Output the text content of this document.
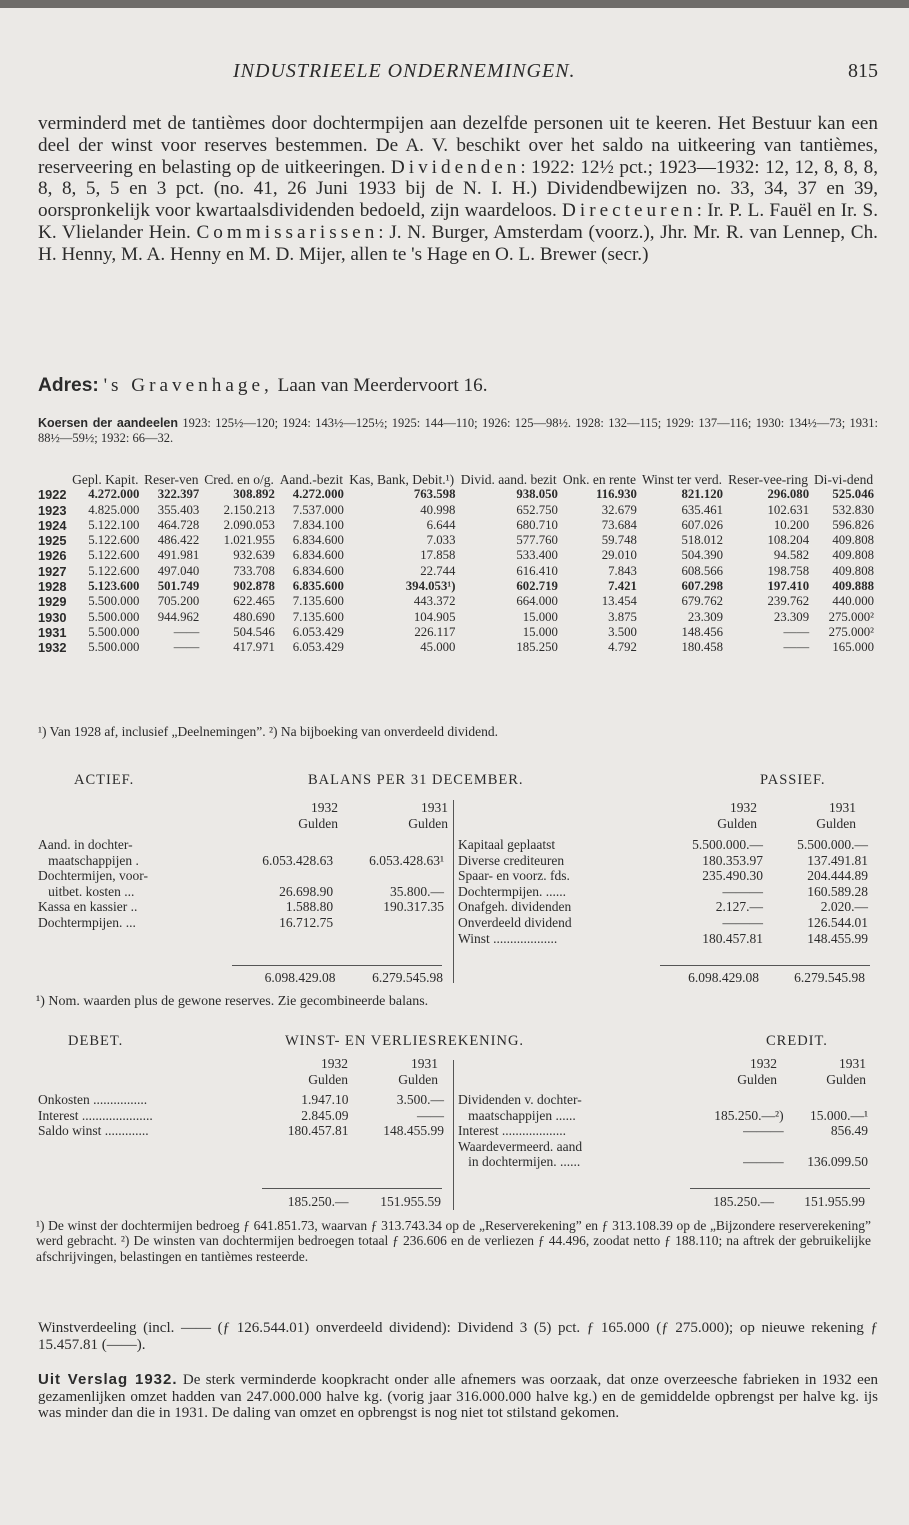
INDUSTRIEELE ONDERNEMINGEN.	815
verminderd met de tantièmes door dochtermpijen aan dezelfde personen uit te keeren. Het Bestuur kan een deel der winst voor reserves bestemmen. De A. V. beschikt over het saldo na uitkeering van tantièmes, reserveering en belasting op de uitkeeringen. Dividenden: 1922: 12½ pct.; 1923—1932: 12, 12, 8, 8, 8, 8, 8, 5, 5 en 3 pct. (no. 41, 26 Juni 1933 bij de N. I. H.) Dividendbewijzen no. 33, 34, 37 en 39, oorspronkelijk voor kwartaalsdividenden bedoeld, zijn waardeloos. Directeuren: Ir. P. L. Fauël en Ir. S. K. Vlielander Hein. Commissarissen: J. N. Burger, Amsterdam (voorz.), Jhr. Mr. R. van Lennep, Ch. H. Henny, M. A. Henny en M. D. Mijer, allen te 's Hage en O. L. Brewer (secr.)
Adres: 's Gravenhage, Laan van Meerdervoort 16.
Koersen der aandeelen 1923: 125½—120; 1924: 143½—125½; 1925: 144—110; 1926: 125—98½. 1928: 132—115; 1929: 137—116; 1930: 134½—73; 1931: 88½—59½; 1932: 66—32.
	Gepl. Kapit.	Reser-ven	Cred. en o/g.	Aand.-bezit	Kas, Bank, Debit.¹)	Divid. aand. bezit	Onk. en rente	Winst ter verd.	Reser-vee-ring	Di-vi-dend
1922	4.272.000	322.397	308.892	4.272.000	763.598	938.050	116.930	821.120	296.080	525.046
1923	4.825.000	355.403	2.150.213	7.537.000	40.998	652.750	32.679	635.461	102.631	532.830
1924	5.122.100	464.728	2.090.053	7.834.100	6.644	680.710	73.684	607.026	10.200	596.826
1925	5.122.600	486.422	1.021.955	6.834.600	7.033	577.760	59.748	518.012	108.204	409.808
1926	5.122.600	491.981	932.639	6.834.600	17.858	533.400	29.010	504.390	94.582	409.808
1927	5.122.600	497.040	733.708	6.834.600	22.744	616.410	7.843	608.566	198.758	409.808
1928	5.123.600	501.749	902.878	6.835.600	394.053¹)	602.719	7.421	607.298	197.410	409.888
1929	5.500.000	705.200	622.465	7.135.600	443.372	664.000	13.454	679.762	239.762	440.000
1930	5.500.000	944.962	480.690	7.135.600	104.905	15.000	3.875	23.309	23.309	275.000²
1931	5.500.000	——	504.546	6.053.429	226.117	15.000	3.500	148.456	——	275.000²
1932	5.500.000	——	417.971	6.053.429	45.000	185.250	4.792	180.458	——	165.000
¹) Van 1928 af, inclusief „Deelnemingen”. ²) Na bijboeking van onverdeeld dividend.
ACTIEF.	BALANS PER 31 DECEMBER.	PASSIEF.
1932	1931
Gulden	Gulden
1932	1931
Gulden	Gulden
Aand. in dochter-		
maatschappijen .	6.053.428.63	6.053.428.63¹
Dochtermijen, voor-		
uitbet. kosten ...	26.698.90	35.800.—
Kassa en kassier ..	1.588.80	190.317.35
Dochtermpijen. ...	16.712.75	
Kapitaal geplaatst	5.500.000.—	5.500.000.—
Diverse crediteuren	180.353.97	137.491.81
Spaar- en voorz. fds.	235.490.30	204.444.89
Dochtermpijen. ......	———	160.589.28
Onafgeh. dividenden	2.127.—	2.020.—
Onverdeeld dividend	———	126.544.01
Winst ...................	180.457.81	148.455.99
6.098.429.08	6.279.545.98	6.098.429.08	6.279.545.98
¹) Nom. waarden plus de gewone reserves. Zie gecombineerde balans.
DEBET.	WINST- EN VERLIESREKENING.	CREDIT.
1932	1931
Gulden	Gulden
1932	1931
Gulden	Gulden
Onkosten ................	1.947.10	3.500.—
Interest .....................	2.845.09	——
Saldo winst .............	180.457.81	148.455.99
Dividenden v. dochter-		
maatschappijen ......	185.250.—²)	15.000.—¹
Interest ...................	———	856.49
Waardevermeerd. aand		
in dochtermijen. ......	———	136.099.50
185.250.—	151.955.59	185.250.—	151.955.99
¹) De winst der dochtermijen bedroeg ƒ 641.851.73, waarvan ƒ 313.743.34 op de „Reserverekening” en ƒ 313.108.39 op de „Bijzondere reserverekening” werd gebracht. ²) De winsten van dochtermijen bedroegen totaal ƒ 236.606 en de verliezen ƒ 44.496, zoodat netto ƒ 188.110; na aftrek der gebruikelijke afschrijvingen, belastingen en tantièmes resteerde.
Winstverdeeling (incl. —— (ƒ 126.544.01) onverdeeld dividend): Dividend 3 (5) pct. ƒ 165.000 (ƒ 275.000); op nieuwe rekening ƒ 15.457.81 (——).
Uit Verslag 1932. De sterk verminderde koopkracht onder alle afnemers was oorzaak, dat onze overzeesche fabrieken in 1932 een gezamenlijken omzet hadden van 247.000.000 halve kg. (vorig jaar 316.000.000 halve kg.) en de gemiddelde opbrengst per halve kg. ijs was minder dan die in 1931. De daling van omzet en opbrengst is nog niet tot stilstand gekomen.
